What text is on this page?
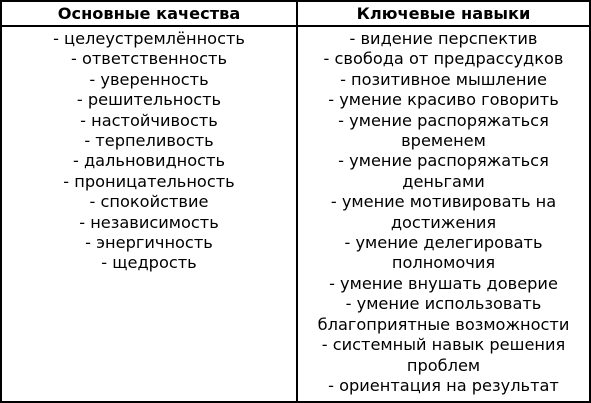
Основные качества	Ключевые навыки
- целеустремлённость
- ответственность
- уверенность
- решительность
- настойчивость
- терпеливость
- дальновидность
- проницательность
- спокойствие
- независимость
- энергичность
- щедрость
- видение перспектив
- свобода от предрассудков
- позитивное мышление
- умение красиво говорить
- умение распоряжаться временем
- умение распоряжаться деньгами
- умение мотивировать на достижения
- умение делегировать полномочия
- умение внушать доверие
- умение использовать благоприятные возможности
- системный навык решения проблем
- ориентация на результат
